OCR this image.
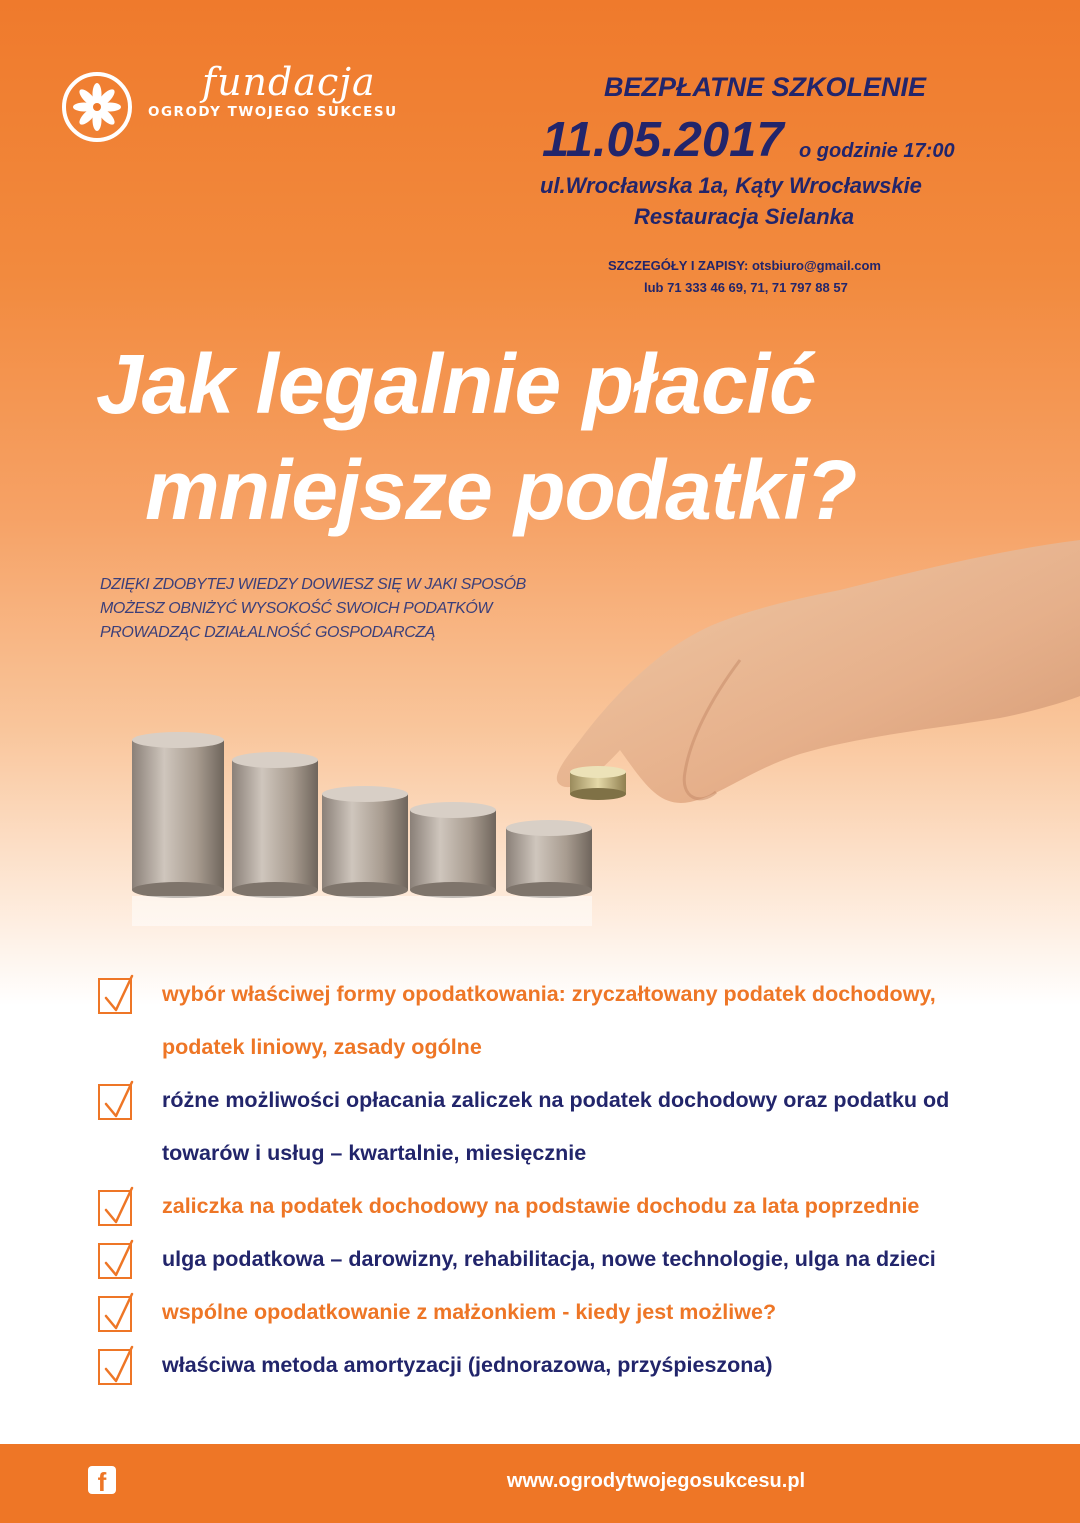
fundacja
OGRODY TWOJEGO SUKCESU
BEZPŁATNE SZKOLENIE
11.05.2017 o godzinie 17:00
ul.Wrocławska 1a, Kąty Wrocławskie
Restauracja Sielanka
SZCZEGÓŁY I ZAPISY: otsbiuro@gmail.com
lub 71 333 46 69, 71, 71 797 88 57
Jak legalnie płacić
mniejsze podatki?
DZIĘKI ZDOBYTEJ WIEDZY DOWIESZ SIĘ W JAKI SPOSÓB
MOŻESZ OBNIŻYĆ WYSOKOŚĆ SWOICH PODATKÓW
PROWADZĄC DZIAŁALNOŚĆ GOSPODARCZĄ
wybór właściwej formy opodatkowania: zryczałtowany podatek dochodowy, podatek liniowy, zasady ogólne
różne możliwości opłacania zaliczek na podatek dochodowy oraz podatku od towarów i usług – kwartalnie, miesięcznie
zaliczka na podatek dochodowy na podstawie dochodu za lata poprzednie
ulga podatkowa – darowizny, rehabilitacja, nowe technologie, ulga na dzieci
wspólne opodatkowanie z małżonkiem - kiedy jest możliwe?
właściwa metoda amortyzacji (jednorazowa, przyśpieszona)
f	www.ogrodytwojegosukcesu.pl
